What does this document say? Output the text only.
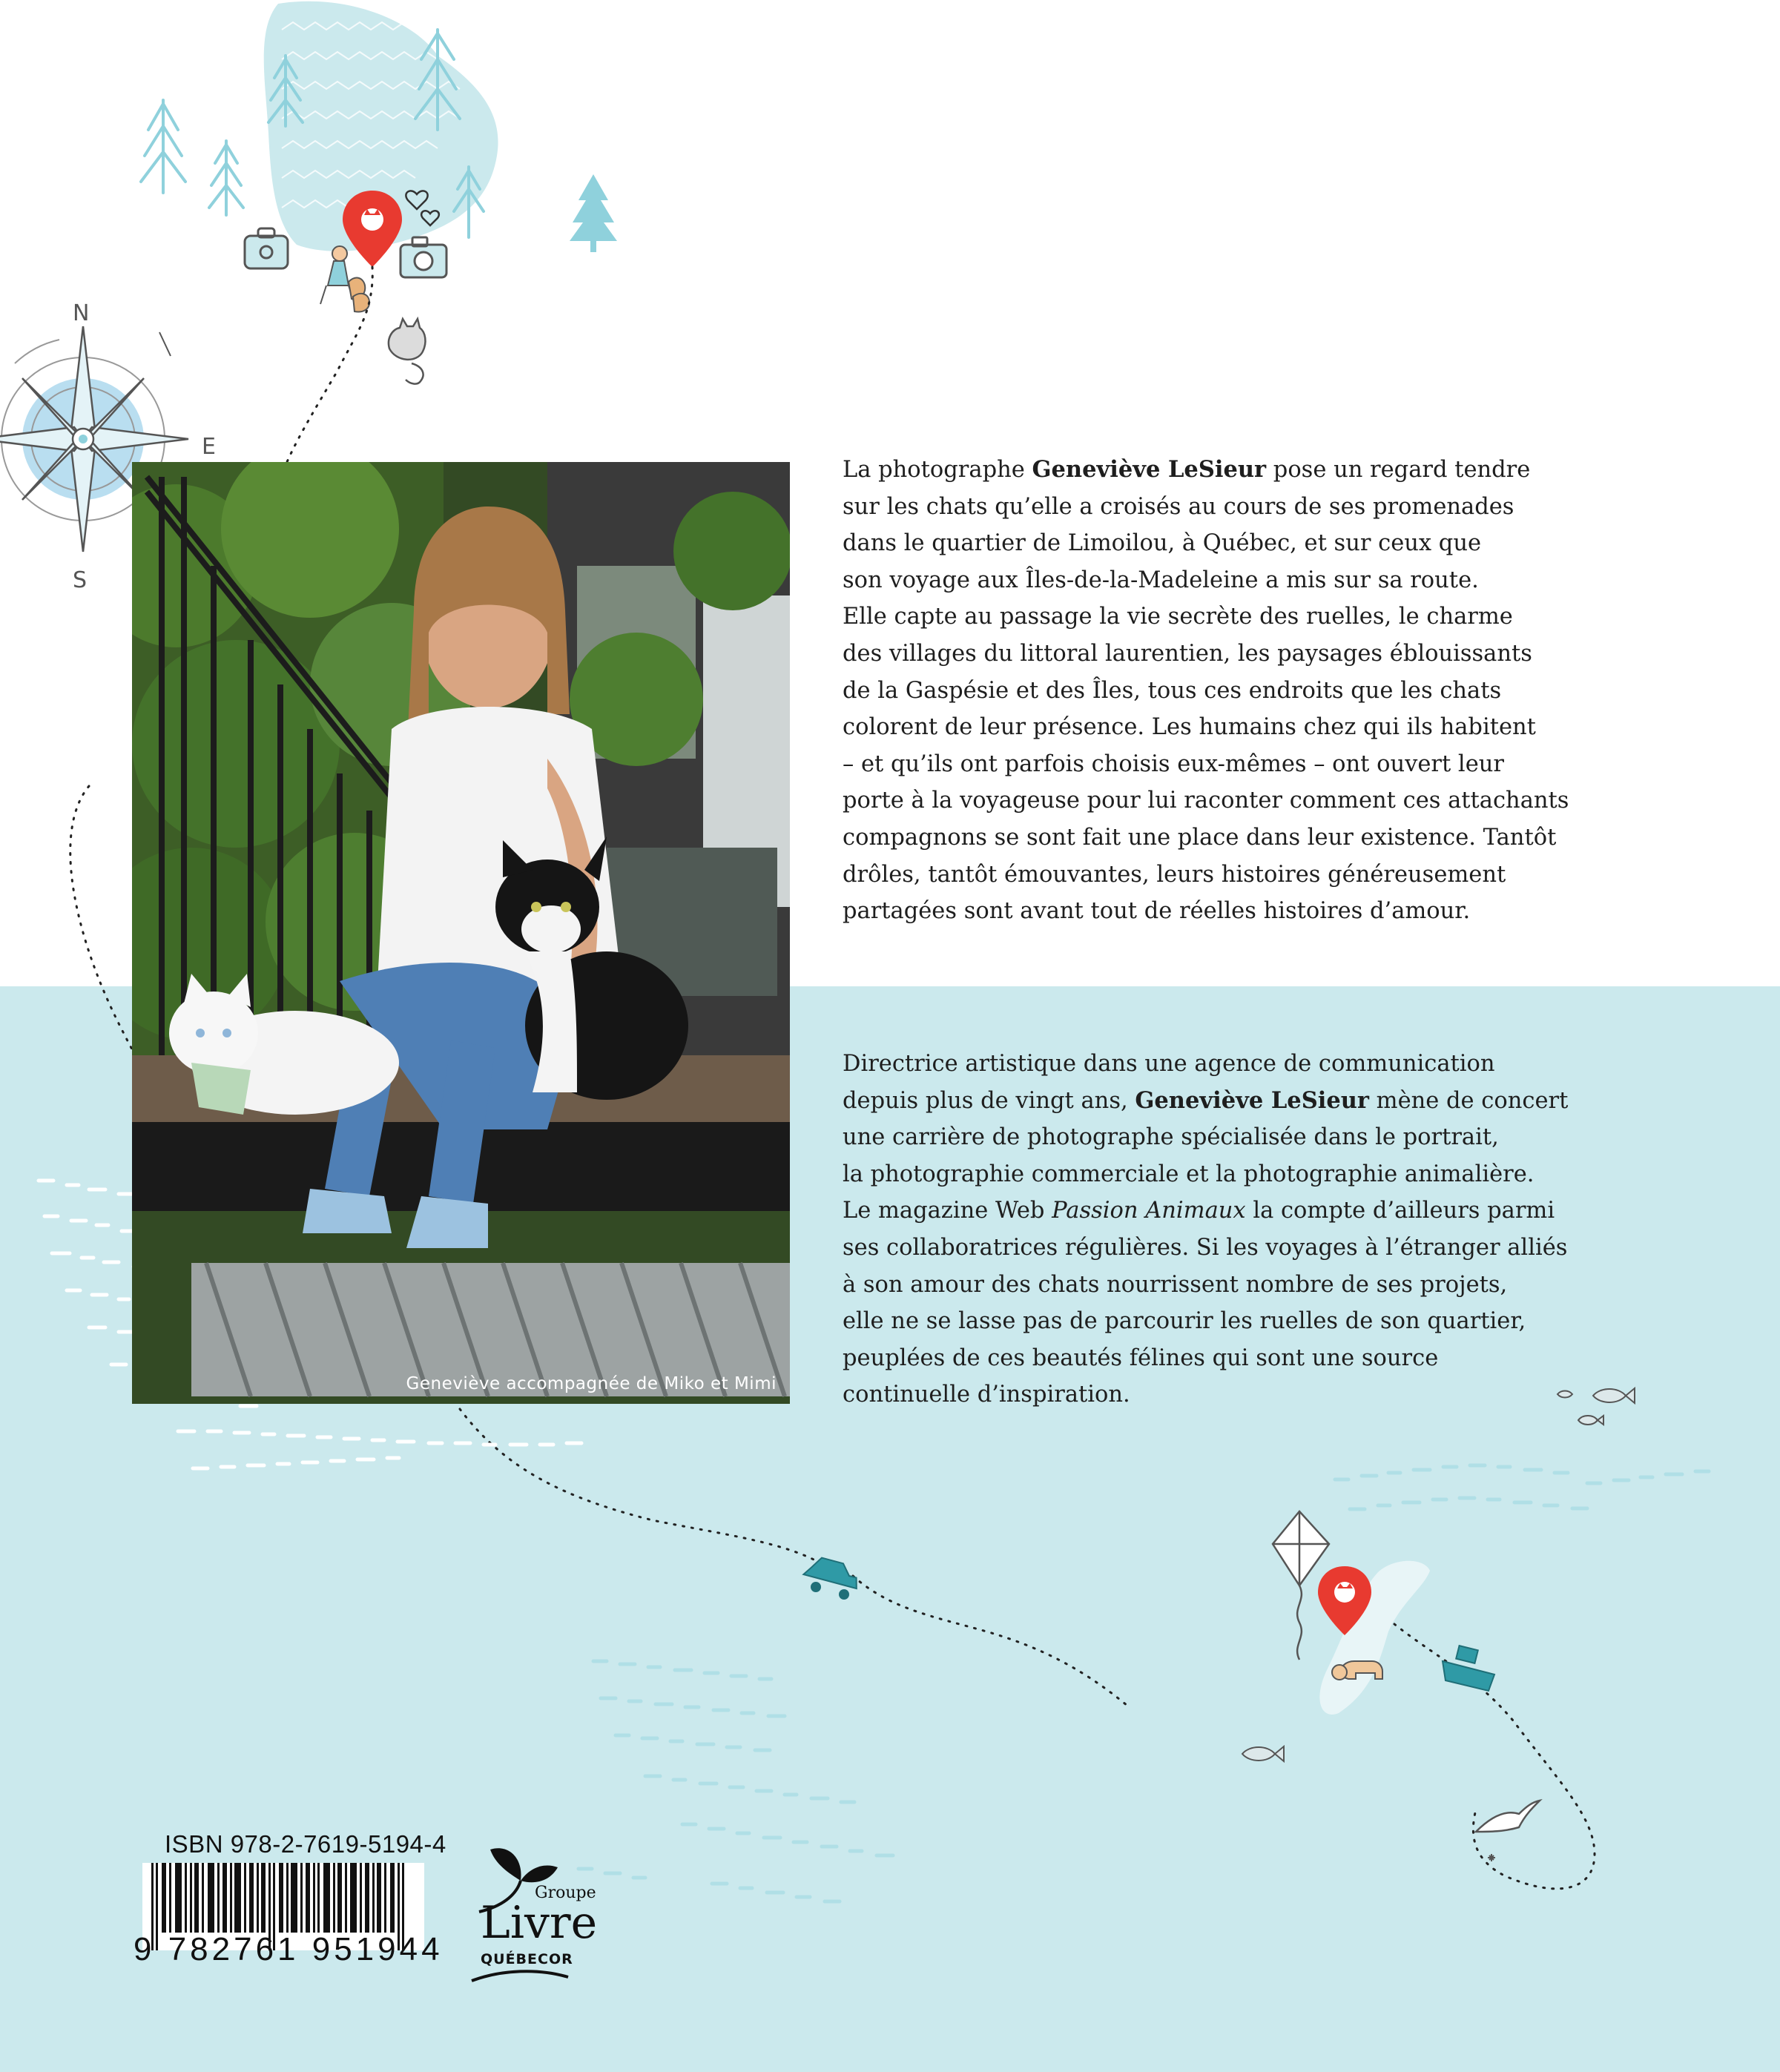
N
E
S
Geneviève accompagnée de Miko et Mimi
La photographe Geneviève LeSieur pose un regard tendre
sur les chats qu’elle a croisés au cours de ses promenades
dans le quartier de Limoilou, à Québec, et sur ceux que
son voyage aux Îles-de-la-Madeleine a mis sur sa route.
Elle capte au passage la vie secrète des ruelles, le charme
des villages du littoral laurentien, les paysages éblouissants
de la Gaspésie et des Îles, tous ces endroits que les chats
colorent de leur présence. Les humains chez qui ils habitent
– et qu’ils ont parfois choisis eux-mêmes – ont ouvert leur
porte à la voyageuse pour lui raconter comment ces attachants
compagnons se sont fait une place dans leur existence. Tantôt
drôles, tantôt émouvantes, leurs histoires généreusement
partagées sont avant tout de réelles histoires d’amour.
Directrice artistique dans une agence de communication
depuis plus de vingt ans, Geneviève LeSieur mène de concert
une carrière de photographe spécialisée dans le portrait,
la photographie commerciale et la photographie animalière.
Le magazine Web Passion Animaux la compte d’ailleurs parmi
ses collaboratrices régulières. Si les voyages à l’étranger alliés
à son amour des chats nourrissent nombre de ses projets,
elle ne se lasse pas de parcourir les ruelles de son quartier,
peuplées de ces beautés félines qui sont une source
continuelle d’inspiration.
ISBN 978-2-7619-5194-4
9 782761 951944
Groupe
Livre
QUÉBECOR
